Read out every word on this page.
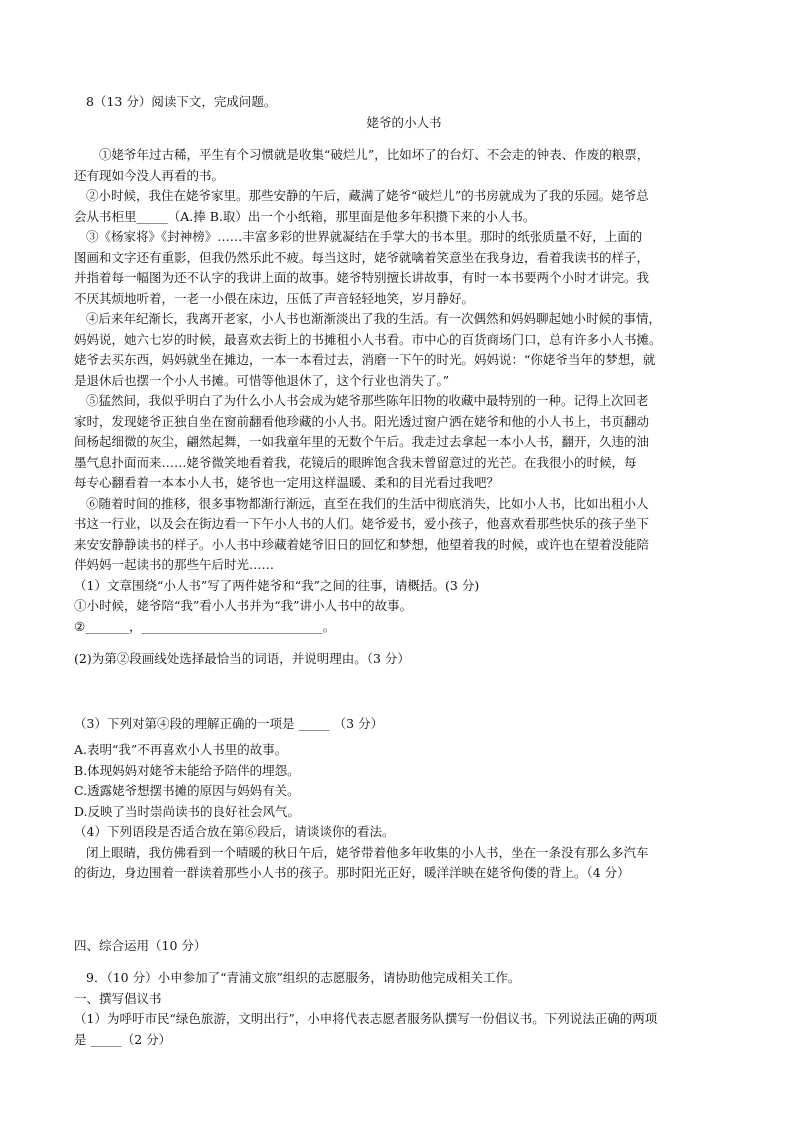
8（13 分）阅读下文，完成问题。
姥爷的小人书
①姥爷年过古稀，平生有个习惯就是收集“破烂儿”，比如坏了的台灯、不会走的钟表、作废的粮票，
还有现如今没人再看的书。
②小时候，我住在姥爷家里。那些安静的午后，藏满了姥爷“破烂儿”的书房就成为了我的乐园。姥爷总
会从书柜里_____（A.捧 B.取）出一个小纸箱，那里面是他多年积攒下来的小人书。
③《杨家将》《封神榜》……丰富多彩的世界就凝结在手掌大的书本里。那时的纸张质量不好，上面的
图画和文字还有重影，但我仍然乐此不疲。每当这时，姥爷就噙着笑意坐在我身边，看着我读书的样子，
并指着每一幅图为还不认字的我讲上面的故事。姥爷特别擅长讲故事，有时一本书要两个小时才讲完。我
不厌其烦地听着，一老一小偎在床边，压低了声音轻轻地笑，岁月静好。
④后来年纪渐长，我离开老家，小人书也渐渐淡出了我的生活。有一次偶然和妈妈聊起她小时候的事情，
妈妈说，她六七岁的时候，最喜欢去街上的书摊租小人书看。市中心的百货商场门口，总有许多小人书摊。
姥爷去买东西，妈妈就坐在摊边，一本一本看过去，消磨一下午的时光。妈妈说：“你姥爷当年的梦想，就
是退休后也摆一个小人书摊。可惜等他退休了，这个行业也消失了。”
⑤猛然间，我似乎明白了为什么小人书会成为姥爷那些陈年旧物的收藏中最特别的一种。记得上次回老
家时，发现姥爷正独自坐在窗前翻看他珍藏的小人书。阳光透过窗户洒在姥爷和他的小人书上，书页翻动
间杨起细微的灰尘，翩然起舞，一如我童年里的无数个午后。我走过去拿起一本小人书，翻开，久违的油
墨气息扑面而来……姥爷微笑地看着我，花镜后的眼眸饱含我未曾留意过的光芒。在我很小的时候，每
每专心翻看着一本本小人书，姥爷也一定用这样温暖、柔和的目光看过我吧？
⑥随着时间的推移，很多事物都渐行渐远，直至在我们的生活中彻底消失，比如小人书，比如出租小人
书这一行业，以及会在街边看一下午小人书的人们。姥爷爱书，爱小孩子，他喜欢看那些快乐的孩子坐下
来安安静静读书的样子。小人书中珍藏着姥爷旧日的回忆和梦想，他望着我的时候，或许也在望着没能陪
伴妈妈一起读书的那些午后时光……
（1）文章围绕“小人书”写了两件姥爷和“我”之间的往事，请概括。(3 分)
①小时候，姥爷陪“我”看小人书并为“我”讲小人书中的故事。
②_______，_____________________________。
(2)为第②段画线处选择最恰当的词语，并说明理由。（3 分）
（3）下列对第④段的理解正确的一项是 _____ （3 分）
A.表明“我”不再喜欢小人书里的故事。
B.体现妈妈对姥爷未能给予陪伴的埋怨。
C.透露姥爷想摆书摊的原因与妈妈有关。
D.反映了当时崇尚读书的良好社会风气。
（4）下列语段是否适合放在第⑥段后，请谈谈你的看法。
闭上眼睛，我仿佛看到一个晴暖的秋日午后，姥爷带着他多年收集的小人书，坐在一条没有那么多汽车
的街边，身边围着一群读着那些小人书的孩子。那时阳光正好，暖洋洋映在姥爷佝偻的背上。（4 分）
四、综合运用（10 分）
9．（10 分）小申参加了“青浦文旅”组织的志愿服务，请协助他完成相关工作。
一、撰写倡议书
（1）为呼吁市民“绿色旅游，文明出行”，小申将代表志愿者服务队撰写一份倡议书。下列说法正确的两项
是 _____（2 分）
